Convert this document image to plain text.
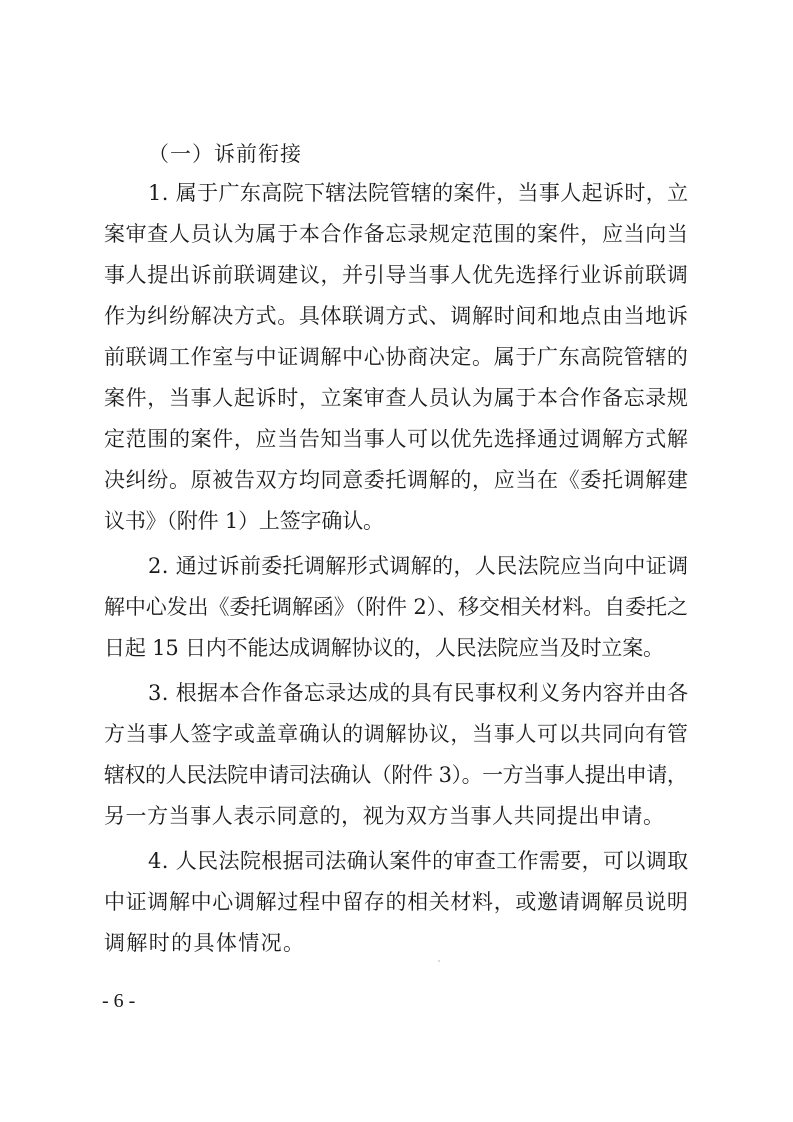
（一）诉前衔接
1. 属于广东高院下辖法院管辖的案件，当事人起诉时，立
案审查人员认为属于本合作备忘录规定范围的案件，应当向当
事人提出诉前联调建议，并引导当事人优先选择行业诉前联调
作为纠纷解决方式。具体联调方式、调解时间和地点由当地诉
前联调工作室与中证调解中心协商决定。属于广东高院管辖的
案件，当事人起诉时，立案审查人员认为属于本合作备忘录规
定范围的案件，应当告知当事人可以优先选择通过调解方式解
决纠纷。原被告双方均同意委托调解的，应当在《委托调解建
议书》（附件 1）上签字确认。
2. 通过诉前委托调解形式调解的，人民法院应当向中证调
解中心发出《委托调解函》（附件 2）、移交相关材料。自委托之
日起 15 日内不能达成调解协议的，人民法院应当及时立案。
3. 根据本合作备忘录达成的具有民事权利义务内容并由各
方当事人签字或盖章确认的调解协议，当事人可以共同向有管
辖权的人民法院申请司法确认（附件 3）。一方当事人提出申请，
另一方当事人表示同意的，视为双方当事人共同提出申请。
4. 人民法院根据司法确认案件的审查工作需要，可以调取
中证调解中心调解过程中留存的相关材料，或邀请调解员说明
调解时的具体情况。
- 6 -
